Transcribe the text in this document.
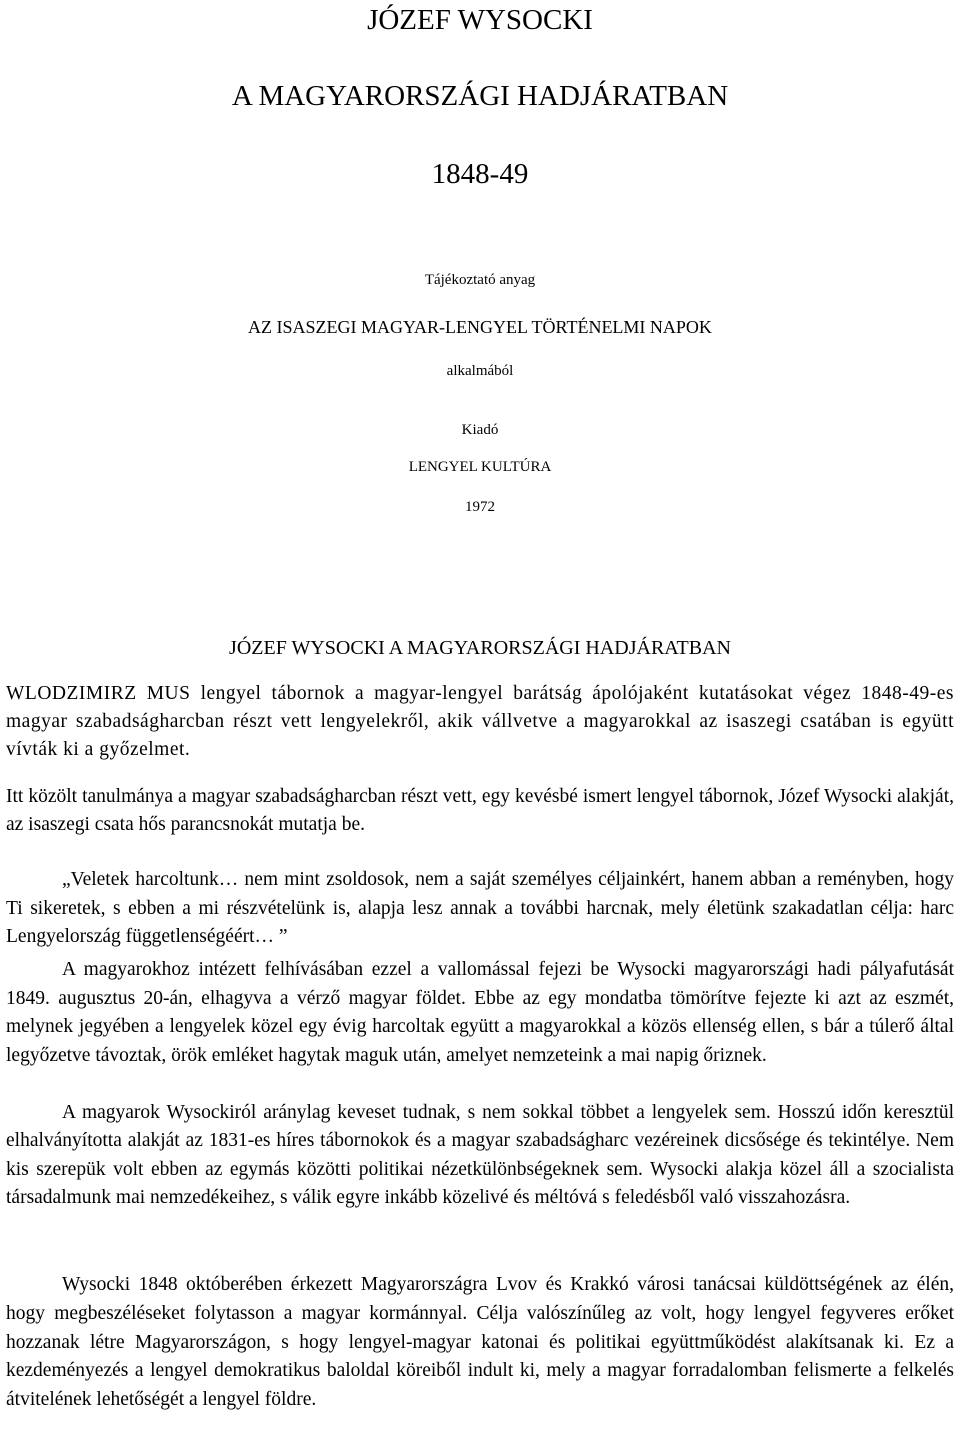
JÓZEF WYSOCKI
A MAGYARORSZÁGI HADJÁRATBAN
1848-49
Tájékoztató anyag
AZ ISASZEGI MAGYAR-LENGYEL TÖRTÉNELMI NAPOK
alkalmából
Kiadó
LENGYEL KULTÚRA
1972
JÓZEF WYSOCKI A MAGYARORSZÁGI HADJÁRATBAN

WLODZIMIRZ MUS lengyel tábornok a magyar-lengyel barátság ápolójaként kutatásokat végez 1848-49-es magyar szabadságharcban részt vett lengyelekről, akik vállvetve a magyarokkal az isaszegi csatában is együtt vívták ki a győzelmet.

Itt közölt tanulmánya a magyar szabadságharcban részt vett, egy kevésbé ismert lengyel tábornok, Józef Wysocki alakját, az isaszegi csata hős parancsnokát mutatja be.

„Veletek harcoltunk… nem mint zsoldosok, nem a saját személyes céljainkért, hanem abban a reményben, hogy Ti sikeretek, s ebben a mi részvételünk is, alapja lesz annak a további harcnak, mely életünk szakadatlan célja: harc Lengyelország függetlenségéért… ”

A magyarokhoz intézett felhívásában ezzel a vallomással fejezi be Wysocki magyarországi hadi pályafutását 1849. augusztus 20-án, elhagyva a vérző magyar földet. Ebbe az egy mondatba tömörítve fejezte ki azt az eszmét, melynek jegyében a lengyelek közel egy évig harcoltak együtt a magyarokkal a közös ellenség ellen, s bár a túlerő által legyőzetve távoztak, örök emléket hagytak maguk után, amelyet nemzeteink a mai napig őriznek.

A magyarok Wysockiról aránylag keveset tudnak, s nem sokkal többet a lengyelek sem. Hosszú időn keresztül elhalványította alakját az 1831-es híres tábornokok és a magyar szabadságharc vezéreinek dicsősége és tekintélye. Nem kis szerepük volt ebben az egymás közötti politikai nézetkülönbségeknek sem. Wysocki alakja közel áll a szocialista társadalmunk mai nemzedékeihez, s válik egyre inkább közelivé és méltóvá s feledésből való visszahozásra.

Wysocki 1848 októberében érkezett Magyarországra Lvov és Krakkó városi tanácsai küldöttségének az élén, hogy megbeszéléseket folytasson a magyar kormánnyal. Célja valószínűleg az volt, hogy lengyel fegyveres erőket hozzanak létre Magyarországon, s hogy lengyel-magyar katonai és politikai együttműködést alakítsanak ki. Ez a kezdeményezés a lengyel demokratikus baloldal köreiből indult ki, mely a magyar forradalomban felismerte a felkelés átvitelének lehetőségét a lengyel földre.
